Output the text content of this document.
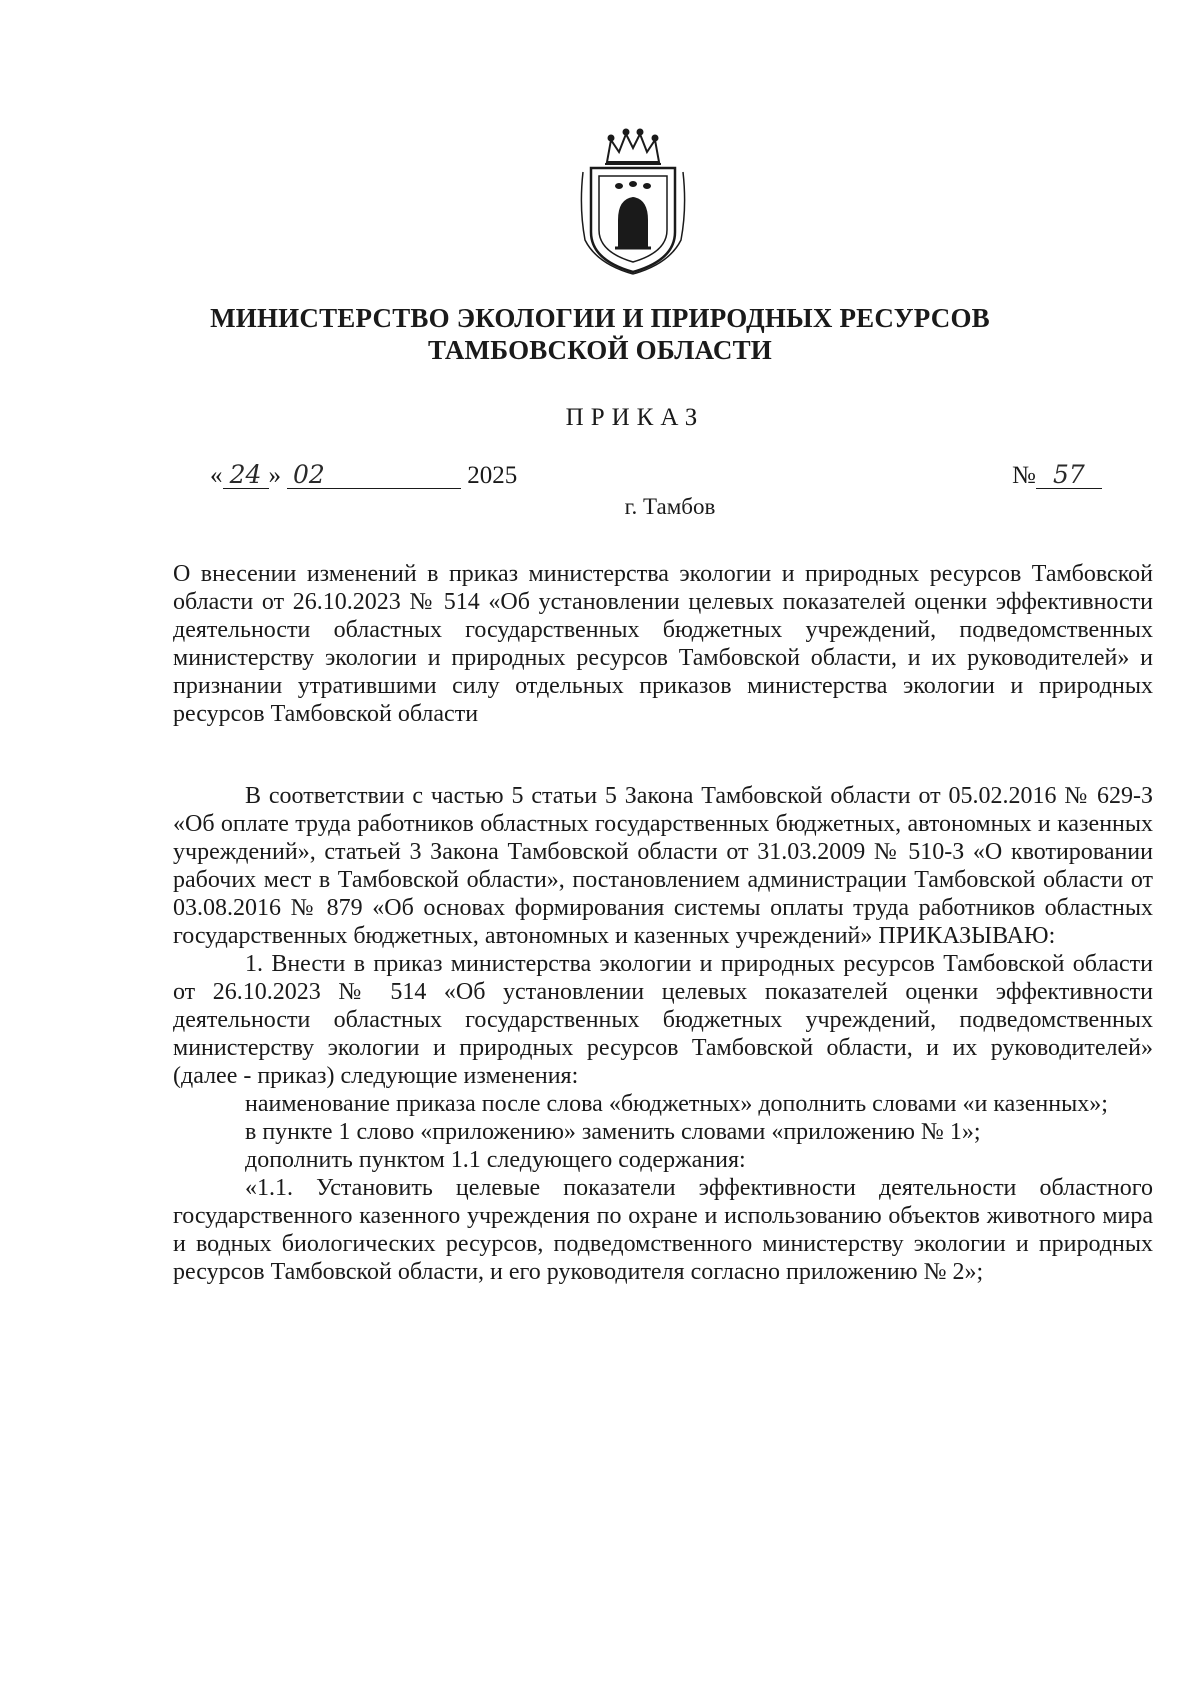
МИНИСТЕРСТВО ЭКОЛОГИИ И ПРИРОДНЫХ РЕСУРСОВ
ТАМБОВСКОЙ ОБЛАСТИ
ПРИКАЗ
« 24 » 02	2025	№ 57
г. Тамбов

О внесении изменений в приказ министерства экологии и природных ресурсов Тамбовской области от 26.10.2023 № 514 «Об установлении целевых показателей оценки эффективности деятельности областных государственных бюджетных учреждений, подведомственных министерству экологии и природных ресурсов Тамбовской области, и их руководителей» и признании утратившими силу отдельных приказов министерства экологии и природных ресурсов Тамбовской области

В соответствии с частью 5 статьи 5 Закона Тамбовской области от 05.02.2016 № 629-З «Об оплате труда работников областных государственных бюджетных, автономных и казенных учреждений», статьей 3 Закона Тамбовской области от 31.03.2009 № 510-З «О квотировании рабочих мест в Тамбовской области», постановлением администрации Тамбовской области от 03.08.2016 № 879 «Об основах формирования системы оплаты труда работников областных государственных бюджетных, автономных и казенных учреждений» ПРИКАЗЫВАЮ:

1. Внести в приказ министерства экологии и природных ресурсов Тамбовской области от 26.10.2023 № 514 «Об установлении целевых показателей оценки эффективности деятельности областных государственных бюджетных учреждений, подведомственных министерству экологии и природных ресурсов Тамбовской области, и их руководителей» (далее - приказ) следующие изменения:

наименование приказа после слова «бюджетных» дополнить словами «и казенных»;

в пункте 1 слово «приложению» заменить словами «приложению № 1»;

дополнить пунктом 1.1 следующего содержания:

«1.1. Установить целевые показатели эффективности деятельности областного государственного казенного учреждения по охране и использованию объектов животного мира и водных биологических ресурсов, подведомственного министерству экологии и природных ресурсов Тамбовской области, и его руководителя согласно приложению № 2»;
